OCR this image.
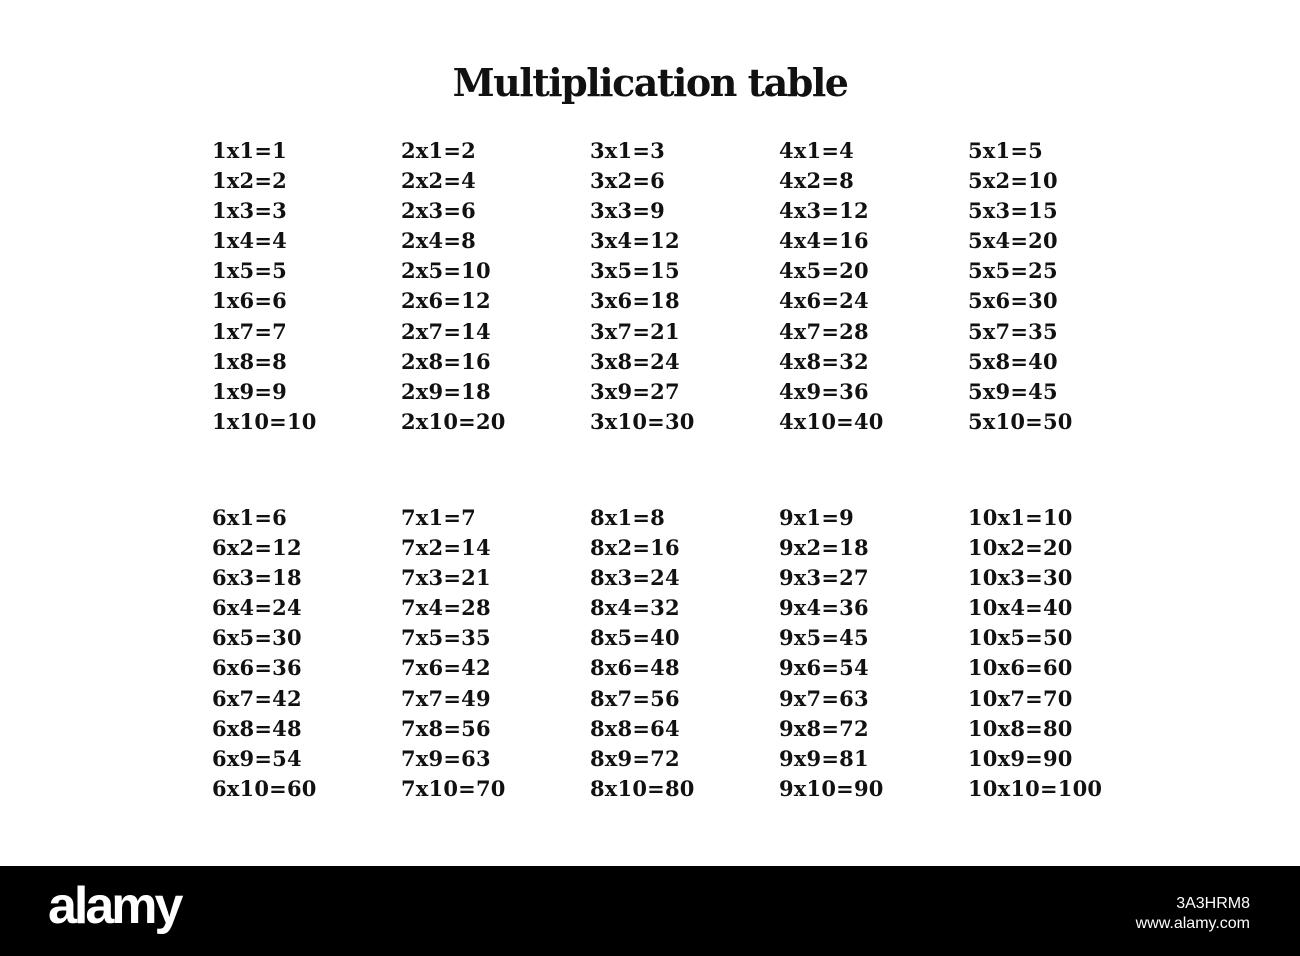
Multiplication table
1x1=1
1x2=2
1x3=3
1x4=4
1x5=5
1x6=6
1x7=7
1x8=8
1x9=9
1x10=10
2x1=2
2x2=4
2x3=6
2x4=8
2x5=10
2x6=12
2x7=14
2x8=16
2x9=18
2x10=20
3x1=3
3x2=6
3x3=9
3x4=12
3x5=15
3x6=18
3x7=21
3x8=24
3x9=27
3x10=30
4x1=4
4x2=8
4x3=12
4x4=16
4x5=20
4x6=24
4x7=28
4x8=32
4x9=36
4x10=40
5x1=5
5x2=10
5x3=15
5x4=20
5x5=25
5x6=30
5x7=35
5x8=40
5x9=45
5x10=50
6x1=6
6x2=12
6x3=18
6x4=24
6x5=30
6x6=36
6x7=42
6x8=48
6x9=54
6x10=60
7x1=7
7x2=14
7x3=21
7x4=28
7x5=35
7x6=42
7x7=49
7x8=56
7x9=63
7x10=70
8x1=8
8x2=16
8x3=24
8x4=32
8x5=40
8x6=48
8x7=56
8x8=64
8x9=72
8x10=80
9x1=9
9x2=18
9x3=27
9x4=36
9x5=45
9x6=54
9x7=63
9x8=72
9x9=81
9x10=90
10x1=10
10x2=20
10x3=30
10x4=40
10x5=50
10x6=60
10x7=70
10x8=80
10x9=90
10x10=100
alamy	3A3HRM8
www.alamy.com
